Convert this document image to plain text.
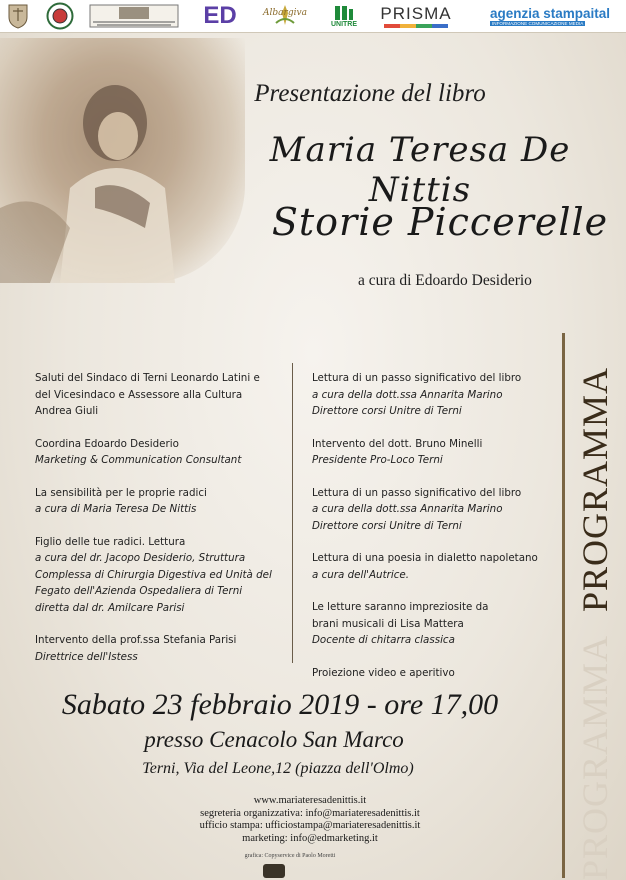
ED	Albargiva
UNITRE
PRISMA	agenzia stampaital
INFORMAZIONE COMUNICAZIONE MEDIA
Presentazione del libro
Maria Teresa De Nittis
Storie Piccerelle
a cura di Edoardo Desiderio
Saluti del Sindaco di Terni Leonardo Latini e
del Vicesindaco e Assessore alla Cultura
Andrea Giuli
Coordina Edoardo Desiderio
Marketing & Communication Consultant
La sensibilità per le proprie radici
a cura di Maria Teresa De Nittis
Figlio delle tue radici. Lettura
a cura del dr. Jacopo Desiderio, Struttura
Complessa di Chirurgia Digestiva ed Unità del
Fegato dell'Azienda Ospedaliera di Terni
diretta dal dr. Amilcare Parisi
Intervento della prof.ssa Stefania Parisi
Direttrice dell'Istess
Lettura di un passo significativo del libro
a cura della dott.ssa Annarita Marino
Direttore corsi Unitre di Terni
Intervento del dott. Bruno Minelli
Presidente Pro-Loco Terni
Lettura di un passo significativo del libro
a cura della dott.ssa Annarita Marino
Direttore corsi Unitre di Terni
Lettura di una poesia in dialetto napoletano
a cura dell'Autrice.
Le letture saranno impreziosite da
brani musicali di Lisa Mattera
Docente di chitarra classica
Proiezione video e aperitivo
PROGRAMMA
PROGRAMMA
Sabato 23 febbraio 2019 - ore 17,00
presso Cenacolo San Marco
Terni, Via del Leone,12 (piazza dell'Olmo)
www.mariateresadenittis.it
segreteria organizzativa: info@mariateresadenittis.it
ufficio stampa: ufficiostampa@mariateresadenittis.it
marketing: info@edmarketing.it
grafica: Copyservice di Paolo Moretti
